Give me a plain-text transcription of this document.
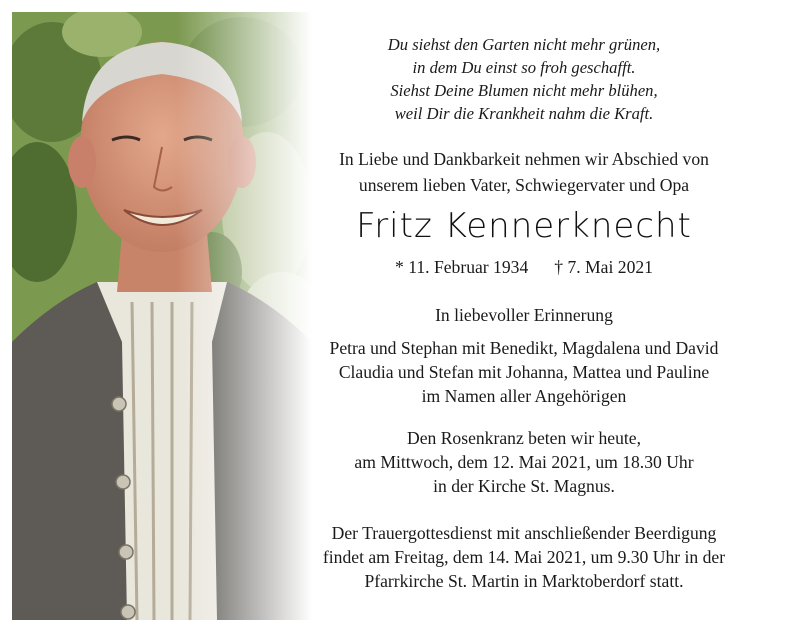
Du siehst den Garten nicht mehr grünen,
in dem Du einst so froh geschafft.
Siehst Deine Blumen nicht mehr blühen,
weil Dir die Krankheit nahm die Kraft.
In Liebe und Dankbarkeit nehmen wir Abschied von
unserem lieben Vater, Schwiegervater und Opa
Fritz Kennerknecht
* 11. Februar 1934 † 7. Mai 2021
In liebevoller Erinnerung
Petra und Stephan mit Benedikt, Magdalena und David
Claudia und Stefan mit Johanna, Mattea und Pauline
im Namen aller Angehörigen
Den Rosenkranz beten wir heute,
am Mittwoch, dem 12. Mai 2021, um 18.30 Uhr
in der Kirche St. Magnus.
Der Trauergottesdienst mit anschließender Beerdigung
findet am Freitag, dem 14. Mai 2021, um 9.30 Uhr in der
Pfarrkirche St. Martin in Marktoberdorf statt.
